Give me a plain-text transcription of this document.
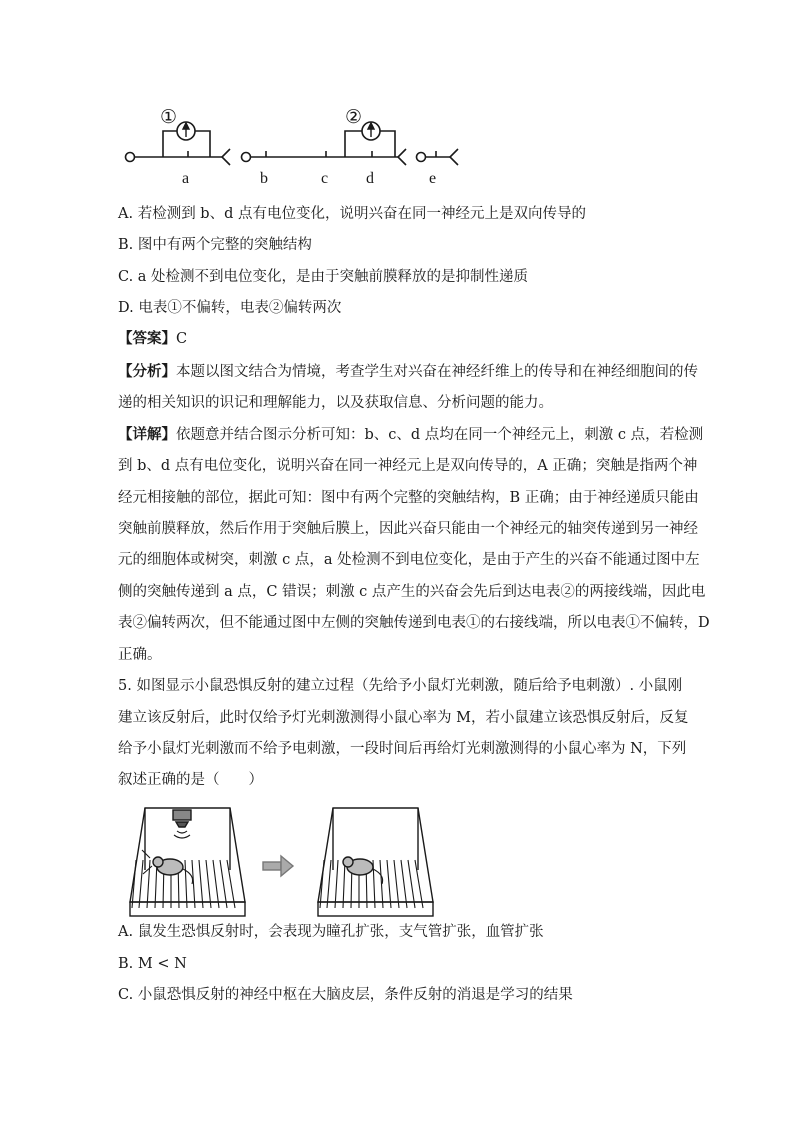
①	②
a	b	c d	e
A. 若检测到 b、d 点有电位变化，说明兴奋在同一神经元上是双向传导的
B. 图中有两个完整的突触结构
C. a 处检测不到电位变化，是由于突触前膜释放的是抑制性递质
D. 电表①不偏转，电表②偏转两次
【答案】C
【分析】本题以图文结合为情境，考查学生对兴奋在神经纤维上的传导和在神经细胞间的传
递的相关知识的识记和理解能力，以及获取信息、分析问题的能力。
【详解】依题意并结合图示分析可知：b、c、d 点均在同一个神经元上，刺激 c 点，若检测
到 b、d 点有电位变化，说明兴奋在同一神经元上是双向传导的，A 正确；突触是指两个神
经元相接触的部位，据此可知：图中有两个完整的突触结构，B 正确；由于神经递质只能由
突触前膜释放，然后作用于突触后膜上，因此兴奋只能由一个神经元的轴突传递到另一神经
元的细胞体或树突，刺激 c 点，a 处检测不到电位变化，是由于产生的兴奋不能通过图中左
侧的突触传递到 a 点，C 错误；刺激 c 点产生的兴奋会先后到达电表②的两接线端，因此电
表②偏转两次，但不能通过图中左侧的突触传递到电表①的右接线端，所以电表①不偏转，D
正确。
5. 如图显示小鼠恐惧反射的建立过程（先给予小鼠灯光刺激，随后给予电刺激）. 小鼠刚
建立该反射后，此时仅给予灯光刺激测得小鼠心率为 M，若小鼠建立该恐惧反射后，反复
给予小鼠灯光刺激而不给予电刺激，一段时间后再给灯光刺激测得的小鼠心率为 N，下列
叙述正确的是（　　）
A. 鼠发生恐惧反射时，会表现为瞳孔扩张，支气管扩张，血管扩张
B. M < N
C. 小鼠恐惧反射的神经中枢在大脑皮层，条件反射的消退是学习的结果
